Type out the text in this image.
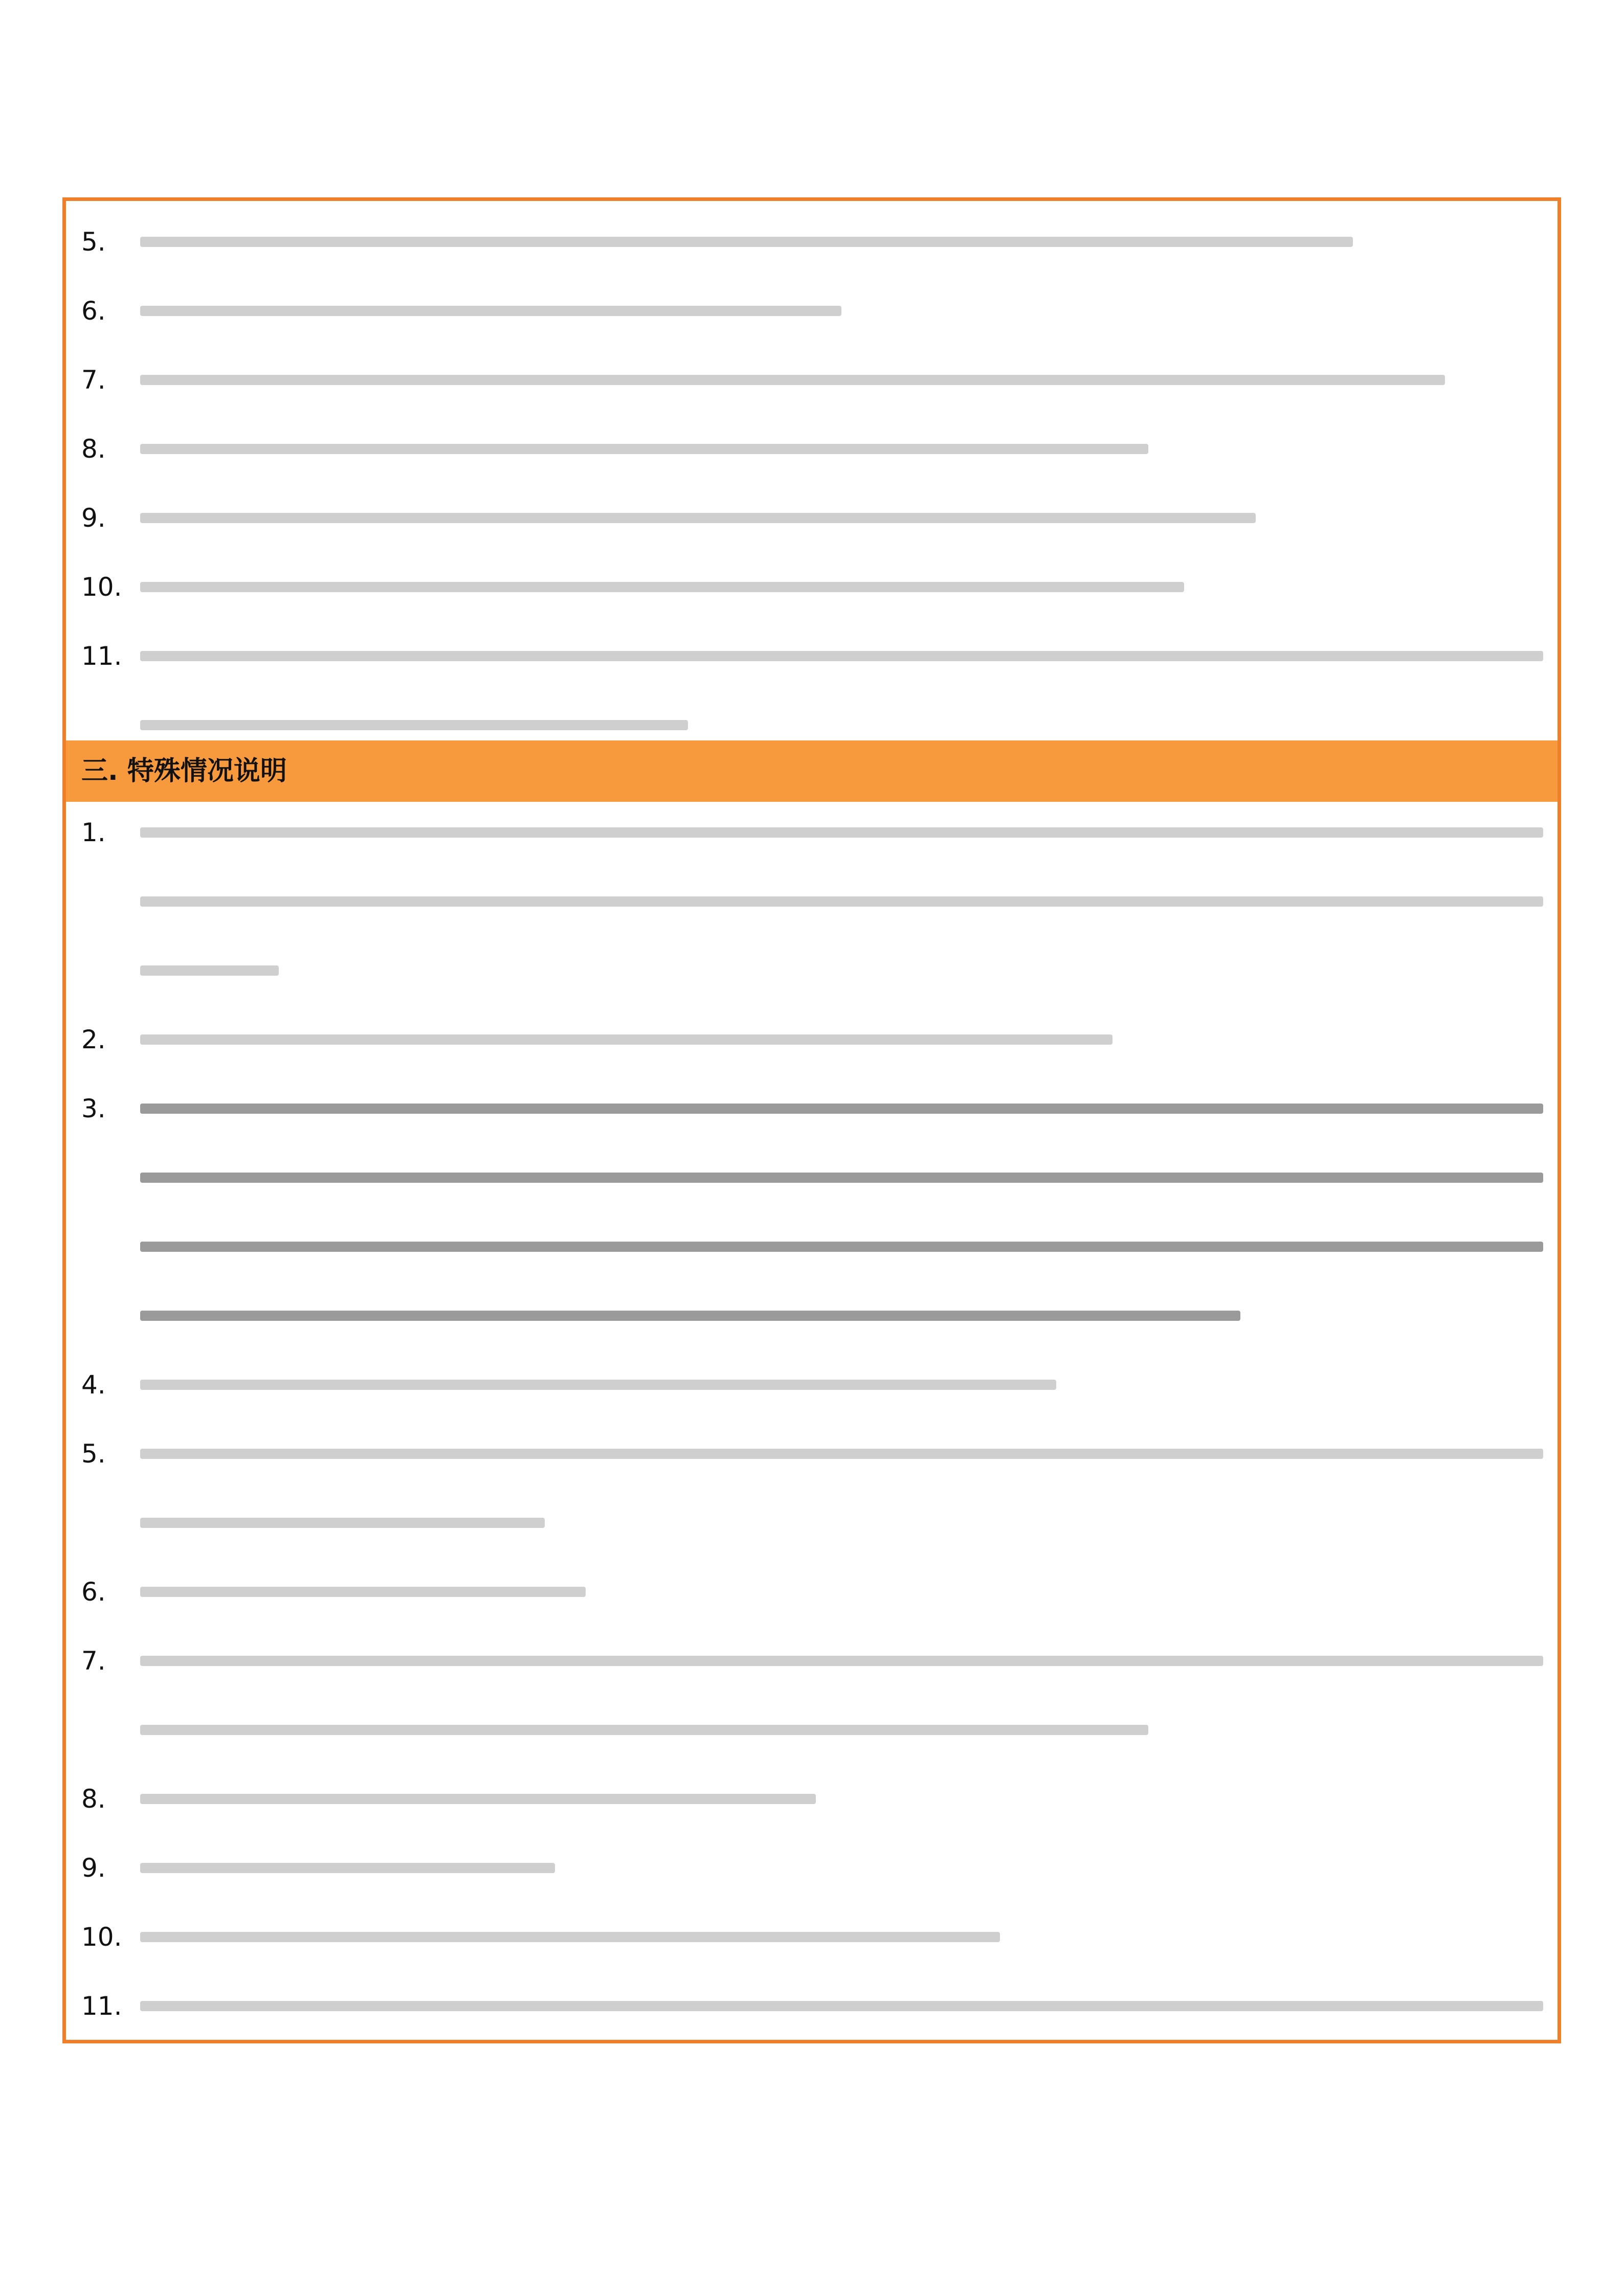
5.
6.
7.
8.
9.
10.
11.
三. 特殊情况说明
1.
2.
3.
4.
5.
6.
7.
8.
9.
10.
11.
